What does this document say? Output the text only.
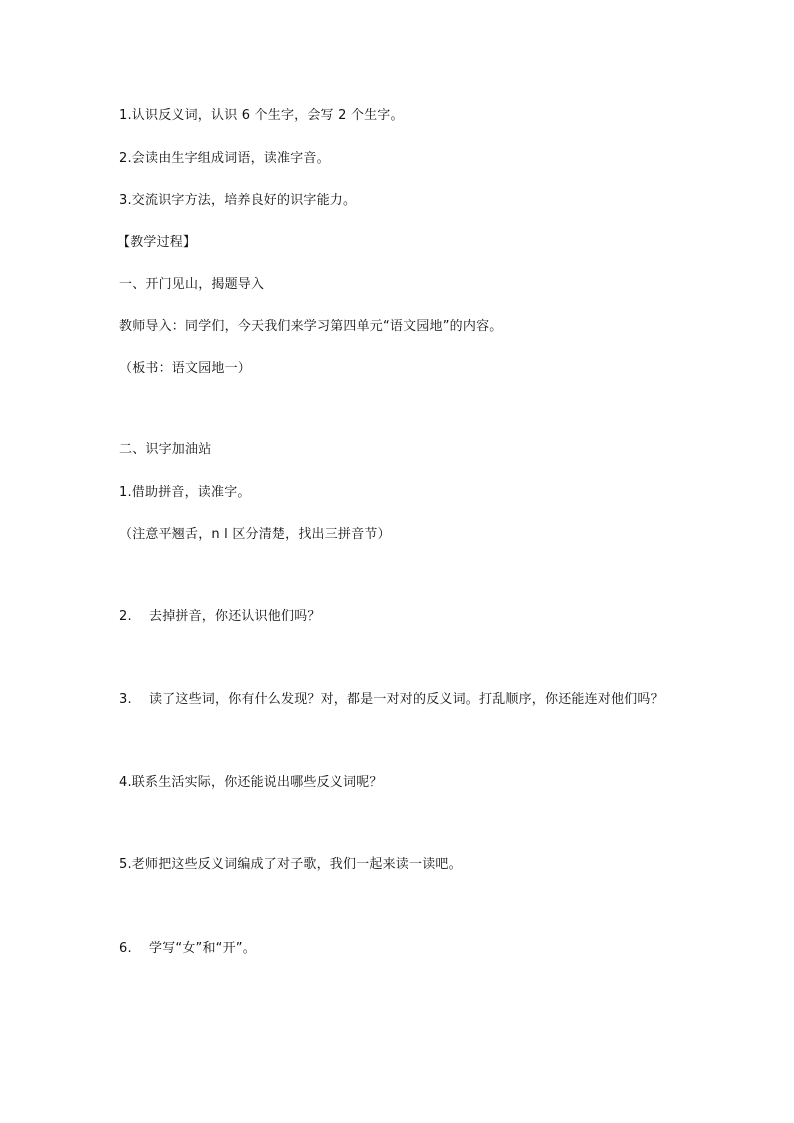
1.认识反义词，认识 6 个生字，会写 2 个生字。
2.会读由生字组成词语，读准字音。
3.交流识字方法，培养良好的识字能力。
【教学过程】
一、开门见山，揭题导入
教师导入：同学们，今天我们来学习第四单元“语文园地”的内容。
（板书：语文园地一）
二、识字加油站
1.借助拼音，读准字。
（注意平翘舌，n l 区分清楚，找出三拼音节）
2. 去掉拼音，你还认识他们吗？
3. 读了这些词，你有什么发现？对，都是一对对的反义词。打乱顺序，你还能连对他们吗？
4.联系生活实际，你还能说出哪些反义词呢？
5.老师把这些反义词编成了对子歌，我们一起来读一读吧。
6. 学写“女”和“开”。
